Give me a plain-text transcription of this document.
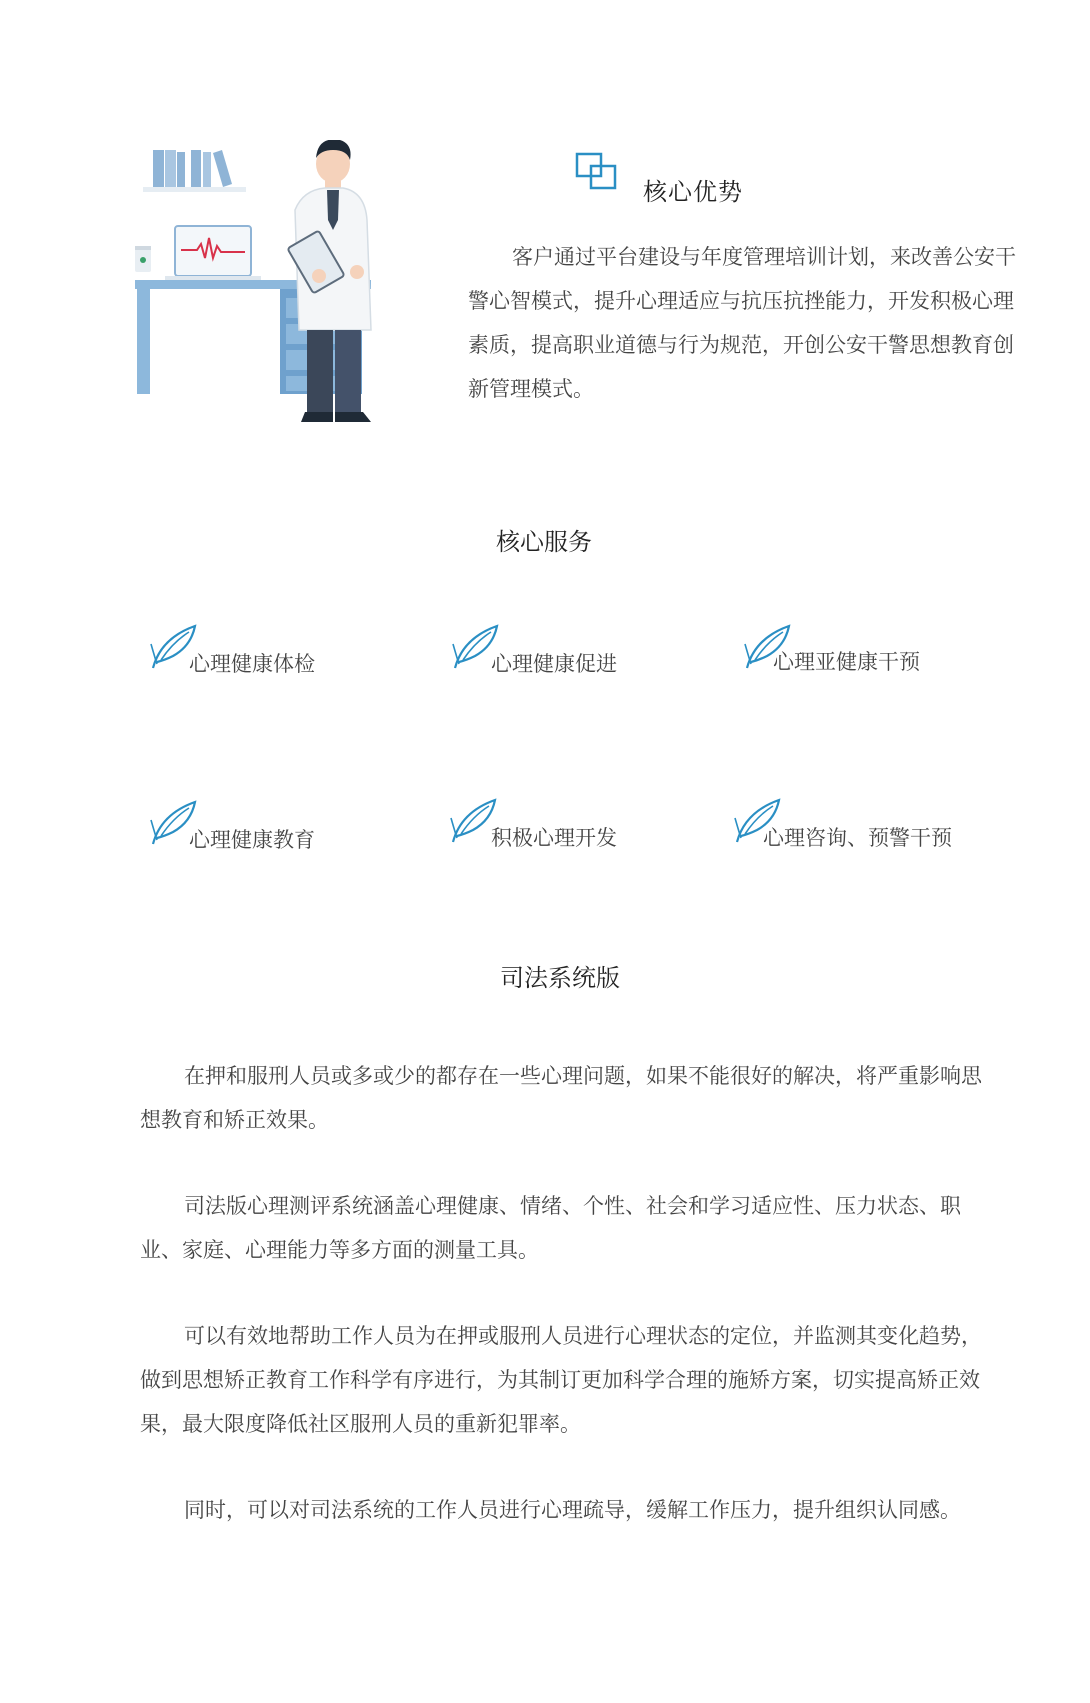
核心优势
客户通过平台建设与年度管理培训计划，来改善公安干警心智模式，提升心理适应与抗压抗挫能力，开发积极心理素质，提高职业道德与行为规范，开创公安干警思想教育创新管理模式。
核心服务
心理健康体检	心理健康促进	心理亚健康干预
心理健康教育	积极心理开发	心理咨询、预警干预
司法系统版

在押和服刑人员或多或少的都存在一些心理问题，如果不能很好的解决，将严重影响思想教育和矫正效果。

司法版心理测评系统涵盖心理健康、情绪、个性、社会和学习适应性、压力状态、职业、家庭、心理能力等多方面的测量工具。

可以有效地帮助工作人员为在押或服刑人员进行心理状态的定位，并监测其变化趋势，做到思想矫正教育工作科学有序进行，为其制订更加科学合理的施矫方案，切实提高矫正效果，最大限度降低社区服刑人员的重新犯罪率。

同时，可以对司法系统的工作人员进行心理疏导，缓解工作压力，提升组织认同感。
